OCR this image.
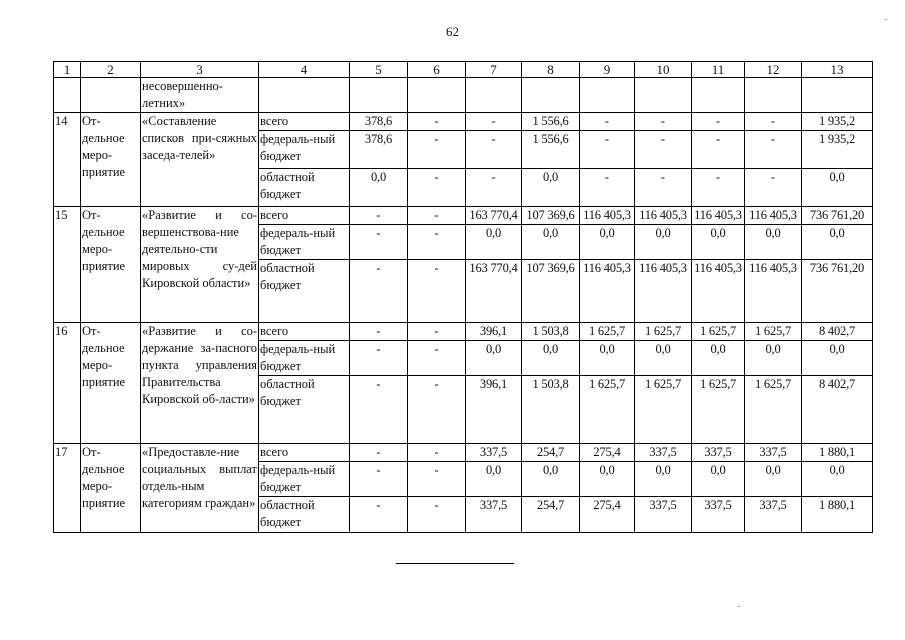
62
1	2	3	4	5	6	7	8	9	10	11	12	13
		несовершенно-летних»										
14	От-дельное меро-приятие	«Составление списков при-сяжных заседа-телей»	всего	378,6	-	-	1 556,6	-	-	-	-	1 935,2

			федераль-ный бюджет	378,6	-	-	1 556,6	-	-	-	-	1 935,2

			областной бюджет	0,0	-	-	0,0	-	-	-	-	0,0

15	От-дельное меро-приятие	«Развитие и со-вершенствова-ние деятельно-сти мировых су-дей Кировской области»	всего	-	-	163 770,4	107 369,6	116 405,3	116 405,3	116 405,3	116 405,3	736 761,20

			федераль-ный бюджет	-	-	0,0	0,0	0,0	0,0	0,0	0,0	0,0

			областной бюджет	-	-	163 770,4	107 369,6	116 405,3	116 405,3	116 405,3	116 405,3	736 761,20

16	От-дельное меро-приятие	«Развитие и со-держание за-пасного пункта управления Правительства Кировской об-ласти»	всего	-	-	396,1	1 503,8	1 625,7	1 625,7	1 625,7	1 625,7	8 402,7

			федераль-ный бюджет	-	-	0,0	0,0	0,0	0,0	0,0	0,0	0,0

			областной бюджет	-	-	396,1	1 503,8	1 625,7	1 625,7	1 625,7	1 625,7	8 402,7

17	От-дельное меро-приятие	«Предоставле-ние социальных выплат отдель-ным категориям граждан»	всего	-	-	337,5	254,7	275,4	337,5	337,5	337,5	1 880,1

			федераль-ный бюджет	-	-	0,0	0,0	0,0	0,0	0,0	0,0	0,0

			областной бюджет	-	-	337,5	254,7	275,4	337,5	337,5	337,5	1 880,1
